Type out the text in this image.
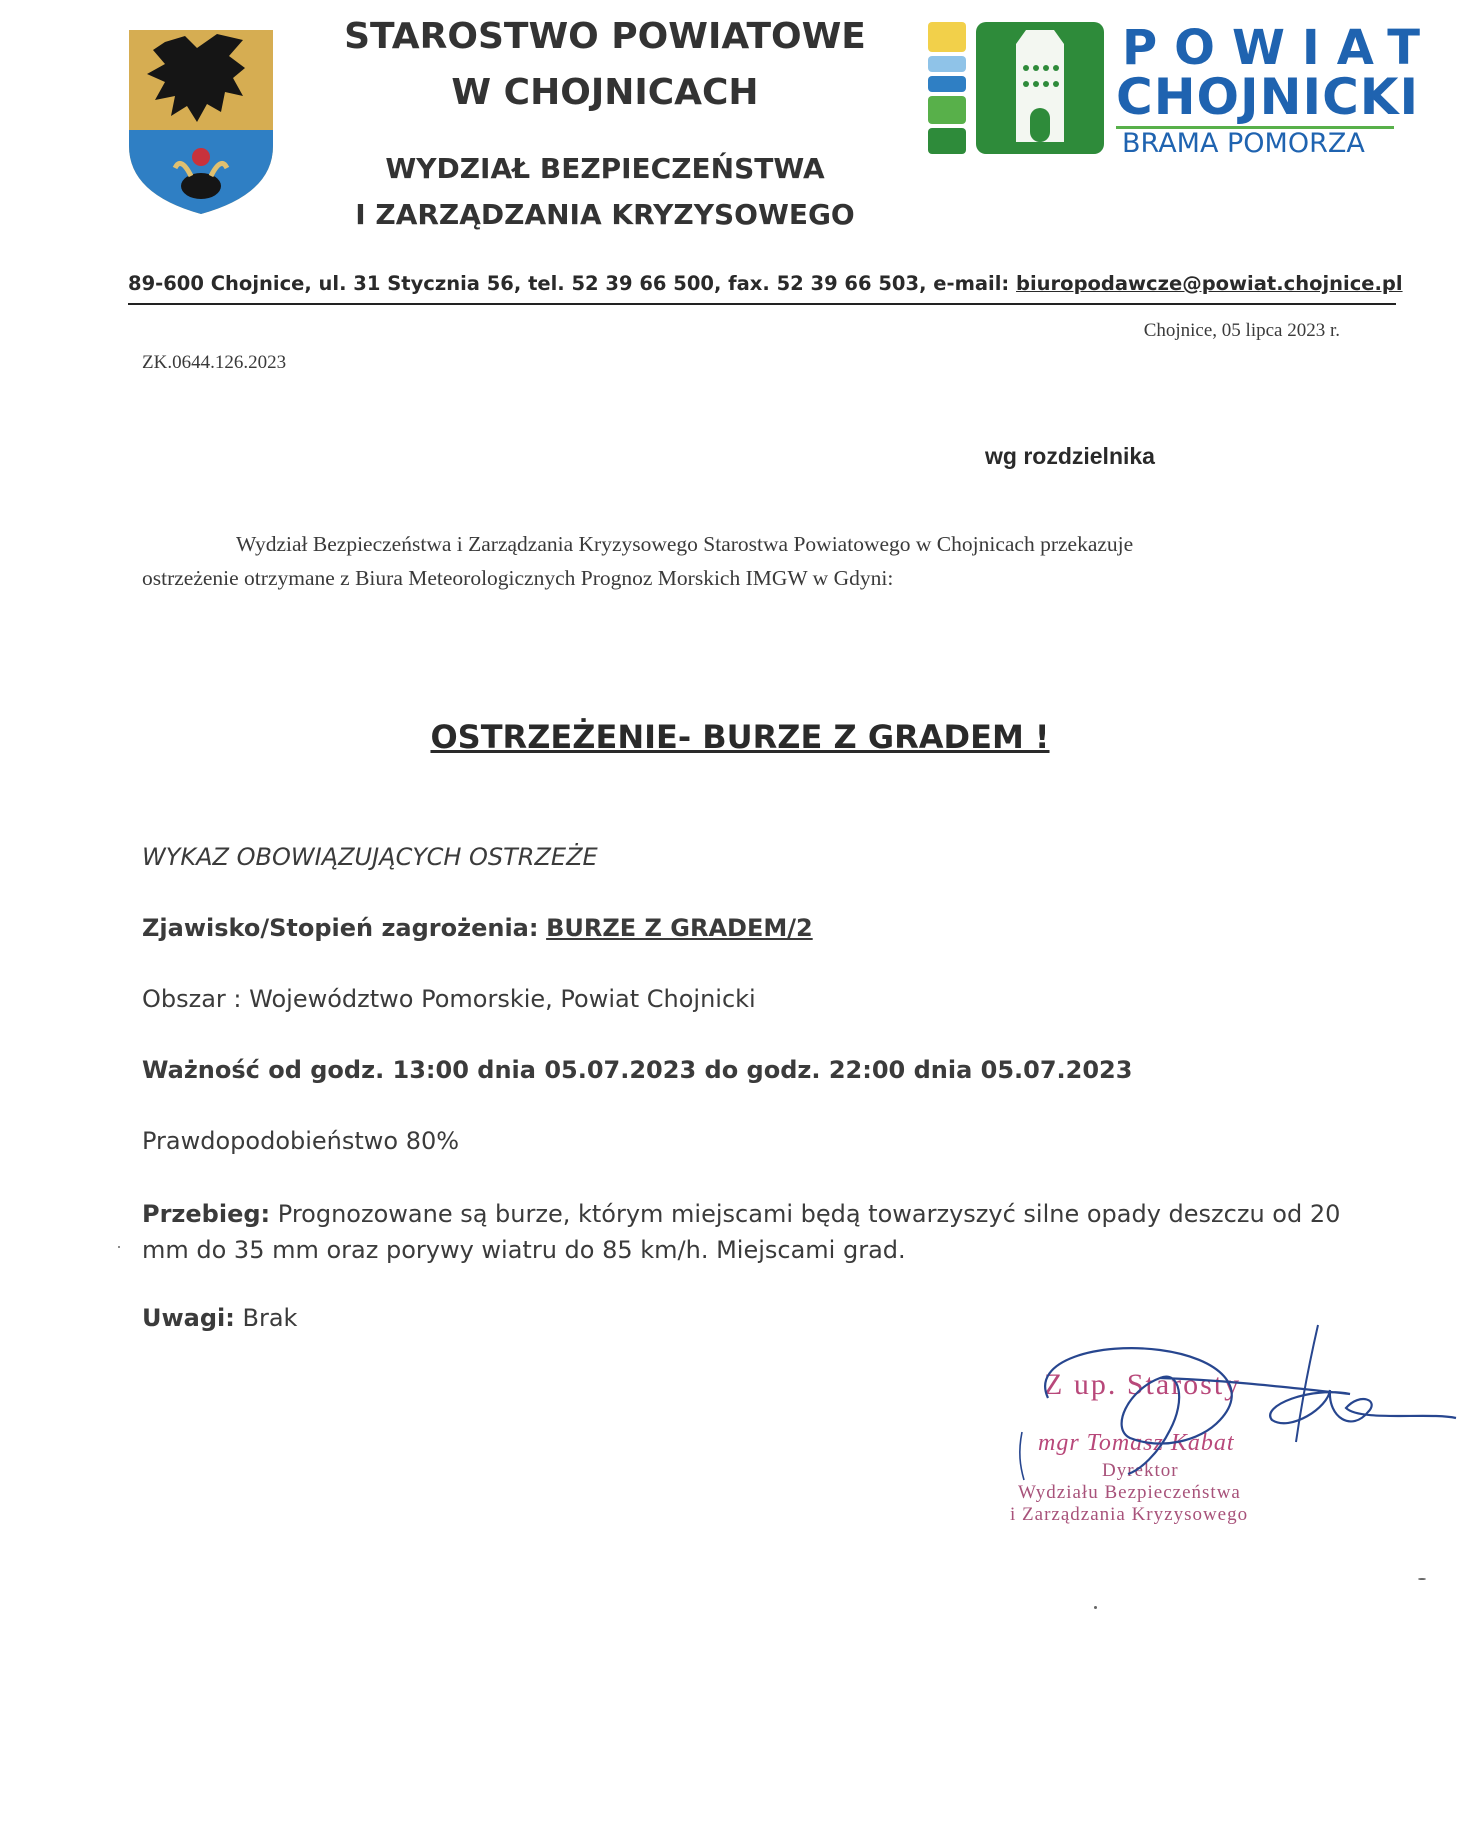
STAROSTWO POWIATOWE
W CHOJNICACH
WYDZIAŁ BEZPIECZEŃSTWA
I ZARZĄDZANIA KRYZYSOWEGO
POWIAT
CHOJNICKI
BRAMA POMORZA
89-600 Chojnice, ul. 31 Stycznia 56, tel. 52 39 66 500, fax. 52 39 66 503, e-mail: biuropodawcze@powiat.chojnice.pl
Chojnice, 05 lipca 2023 r.
ZK.0644.126.2023
wg rozdzielnika
Wydział Bezpieczeństwa i Zarządzania Kryzysowego Starostwa Powiatowego w Chojnicach przekazuje
ostrzeżenie otrzymane z Biura Meteorologicznych Prognoz Morskich IMGW w Gdyni:
OSTRZEŻENIE- BURZE Z GRADEM !
WYKAZ OBOWIĄZUJĄCYCH OSTRZEŻE
Zjawisko/Stopień zagrożenia: BURZE Z GRADEM/2
Obszar : Województwo Pomorskie, Powiat Chojnicki
Ważność od godz. 13:00 dnia 05.07.2023 do godz. 22:00 dnia 05.07.2023
Prawdopodobieństwo 80%
Przebieg: Prognozowane są burze, którym miejscami będą towarzyszyć silne opady deszczu od 20
mm do 35 mm oraz porywy wiatru do 85 km/h. Miejscami grad.
Uwagi: Brak
Z up. Starosty
mgr Tomasz Kabat
Dyrektor
Wydziału Bezpieczeństwa
i Zarządzania Kryzysowego
